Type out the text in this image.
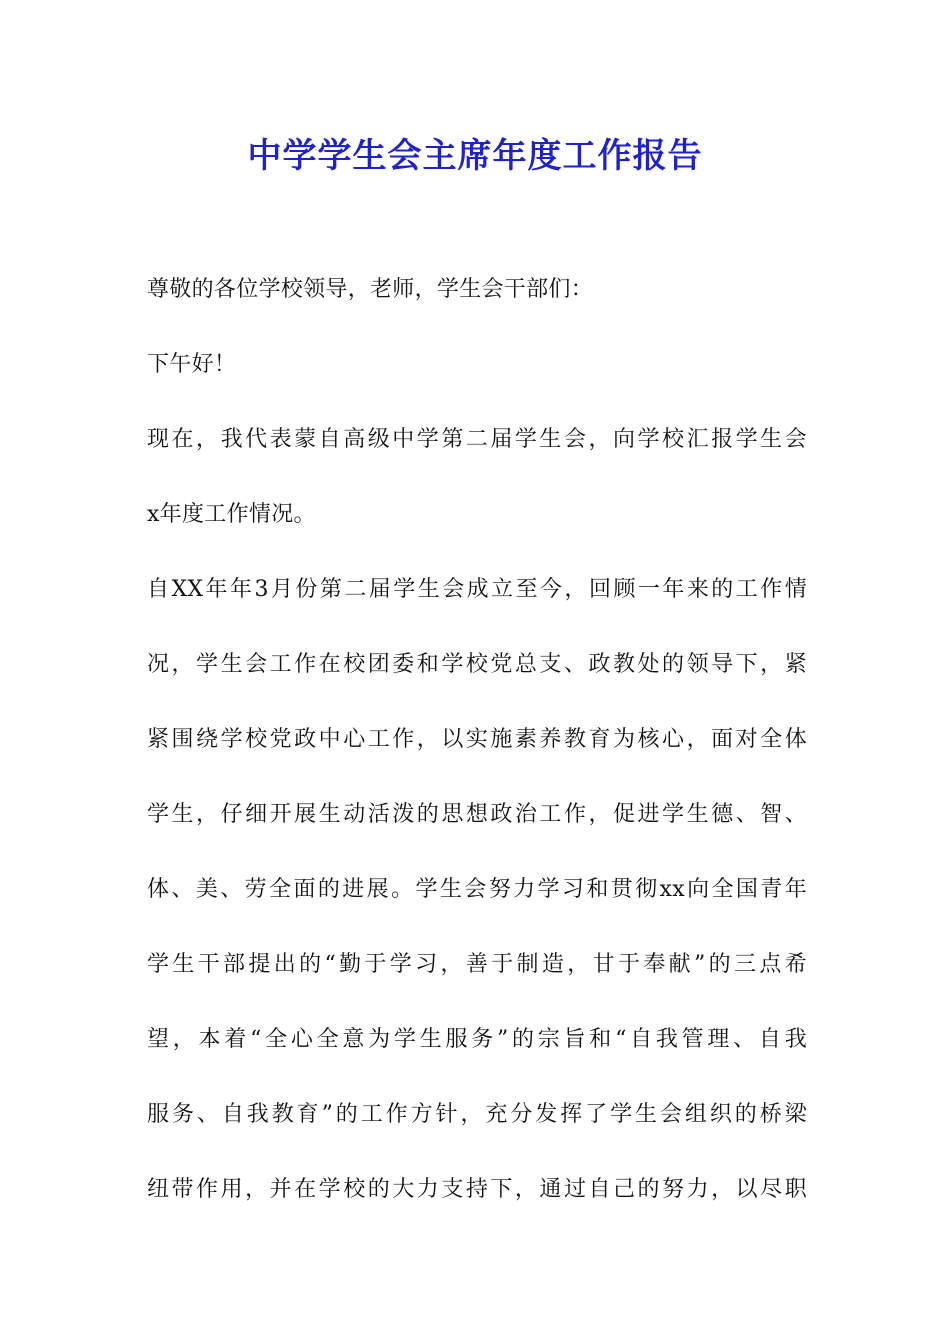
中学学生会主席年度工作报告
尊敬的各位学校领导，老师，学生会干部们：
下午好！
现在，我代表蒙自高级中学第二届学生会，向学校汇报学生会
x年度工作情况。
自XX年年3月份第二届学生会成立至今，回顾一年来的工作情
况，学生会工作在校团委和学校党总支、政教处的领导下，紧
紧围绕学校党政中心工作，以实施素养教育为核心，面对全体
学生，仔细开展生动活泼的思想政治工作，促进学生德、智、
体、美、劳全面的进展。学生会努力学习和贯彻xx向全国青年
学生干部提出的“勤于学习，善于制造，甘于奉献”的三点希
望，本着“全心全意为学生服务”的宗旨和“自我管理、自我
服务、自我教育”的工作方针，充分发挥了学生会组织的桥梁
纽带作用，并在学校的大力支持下，通过自己的努力，以尽职
